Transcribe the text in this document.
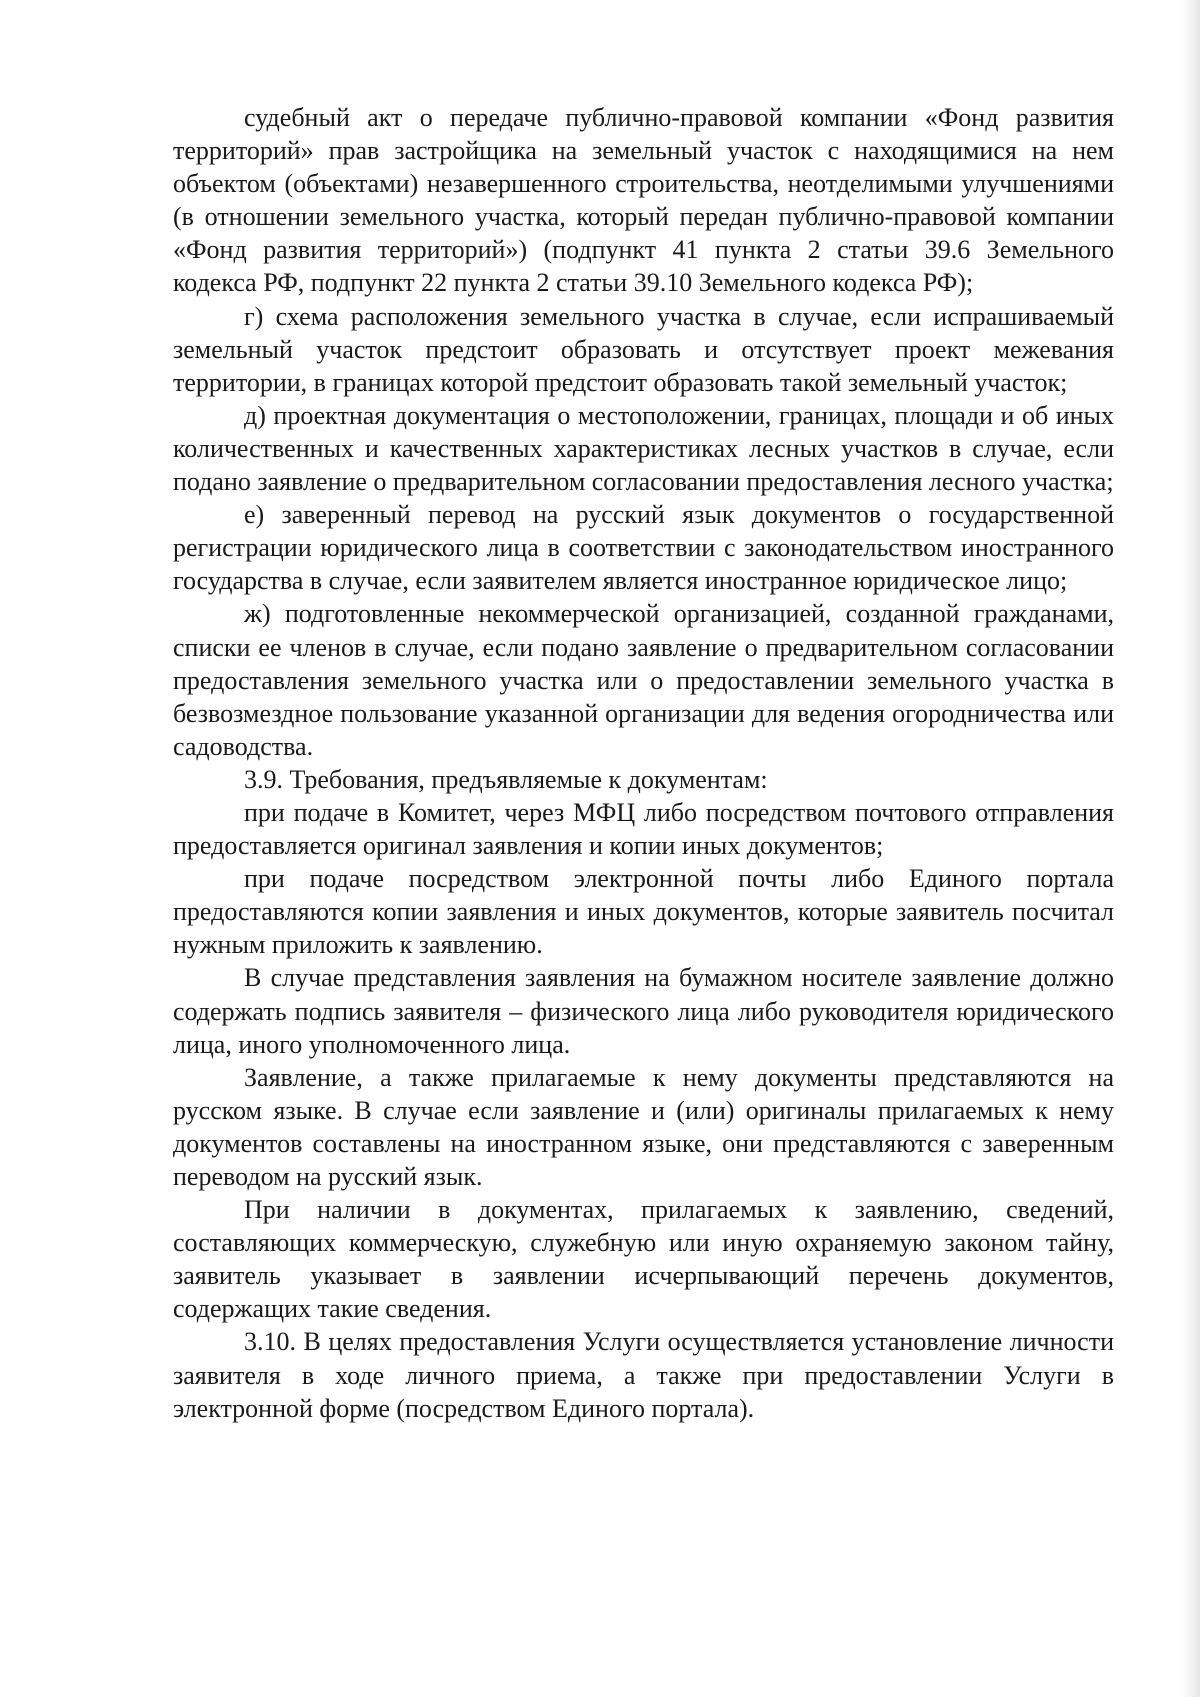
судебный акт о передаче публично-правовой компании «Фонд развития территорий» прав застройщика на земельный участок с находящимися на нем объектом (объектами) незавершенного строительства, неотделимыми улучшениями (в отношении земельного участка, который передан публично-правовой компании «Фонд развития территорий») (подпункт 41 пункта 2 статьи 39.6 Земельного кодекса РФ, подпункт 22 пункта 2 статьи 39.10 Земельного кодекса РФ);

г) схема расположения земельного участка в случае, если испрашиваемый земельный участок предстоит образовать и отсутствует проект межевания территории, в границах которой предстоит образовать такой земельный участок;

д) проектная документация о местоположении, границах, площади и об иных количественных и качественных характеристиках лесных участков в случае, если подано заявление о предварительном согласовании предоставления лесного участка;

е) заверенный перевод на русский язык документов о государственной регистрации юридического лица в соответствии с законодательством иностранного государства в случае, если заявителем является иностранное юридическое лицо;

ж) подготовленные некоммерческой организацией, созданной гражданами, списки ее членов в случае, если подано заявление о предварительном согласовании предоставления земельного участка или о предоставлении земельного участка в безвозмездное пользование указанной организации для ведения огородничества или садоводства.

3.9. Требования, предъявляемые к документам:

при подаче в Комитет, через МФЦ либо посредством почтового отправления предоставляется оригинал заявления и копии иных документов;

при подаче посредством электронной почты либо Единого портала предоставляются копии заявления и иных документов, которые заявитель посчитал нужным приложить к заявлению.

В случае представления заявления на бумажном носителе заявление должно содержать подпись заявителя – физического лица либо руководителя юридического лица, иного уполномоченного лица.

Заявление, а также прилагаемые к нему документы представляются на русском языке. В случае если заявление и (или) оригиналы прилагаемых к нему документов составлены на иностранном языке, они представляются с заверенным переводом на русский язык.

При наличии в документах, прилагаемых к заявлению, сведений, составляющих коммерческую, служебную или иную охраняемую законом тайну, заявитель указывает в заявлении исчерпывающий перечень документов, содержащих такие сведения.

3.10. В целях предоставления Услуги осуществляется установление личности заявителя в ходе личного приема, а также при предоставлении Услуги в электронной форме (посредством Единого портала).
